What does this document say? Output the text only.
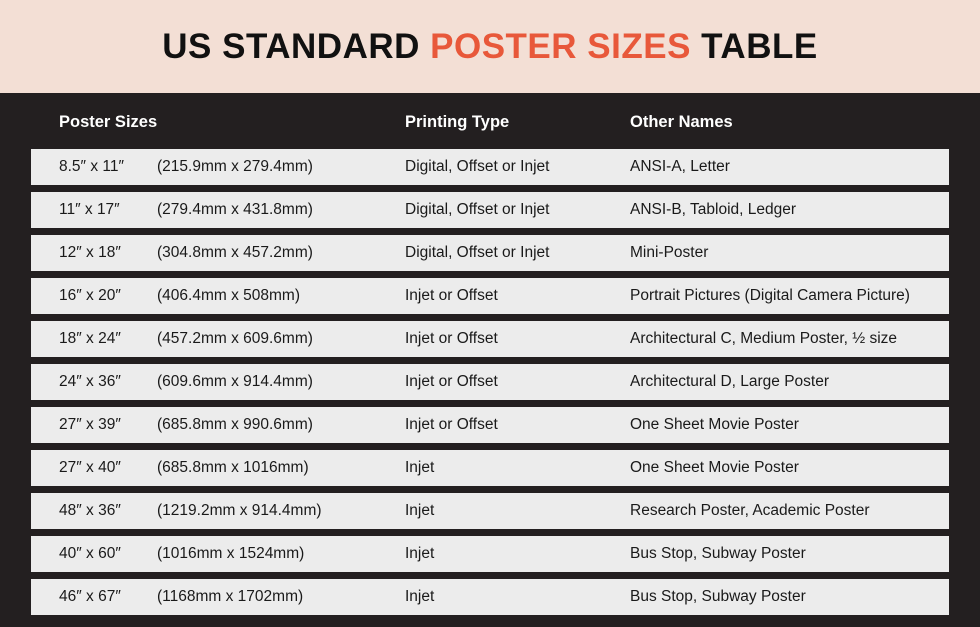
US STANDARD POSTER SIZES TABLE
Poster Sizes	Printing Type	Other Names
8.5″ x 11″ (215.9mm x 279.4mm)	Digital, Offset or Injet	ANSI-A, Letter
11″ x 17″ (279.4mm x 431.8mm)	Digital, Offset or Injet	ANSI-B, Tabloid, Ledger
12″ x 18″ (304.8mm x 457.2mm)	Digital, Offset or Injet	Mini-Poster
16″ x 20″ (406.4mm x 508mm)	Injet or Offset	Portrait Pictures (Digital Camera Picture)
18″ x 24″ (457.2mm x 609.6mm)	Injet or Offset	Architectural C, Medium Poster, ½ size
24″ x 36″ (609.6mm x 914.4mm)	Injet or Offset	Architectural D, Large Poster
27″ x 39″ (685.8mm x 990.6mm)	Injet or Offset	One Sheet Movie Poster
27″ x 40″ (685.8mm x 1016mm)	Injet	One Sheet Movie Poster
48″ x 36″ (1219.2mm x 914.4mm)	Injet	Research Poster, Academic Poster
40″ x 60″ (1016mm x 1524mm)	Injet	Bus Stop, Subway Poster
46″ x 67″ (1168mm x 1702mm)	Injet	Bus Stop, Subway Poster
